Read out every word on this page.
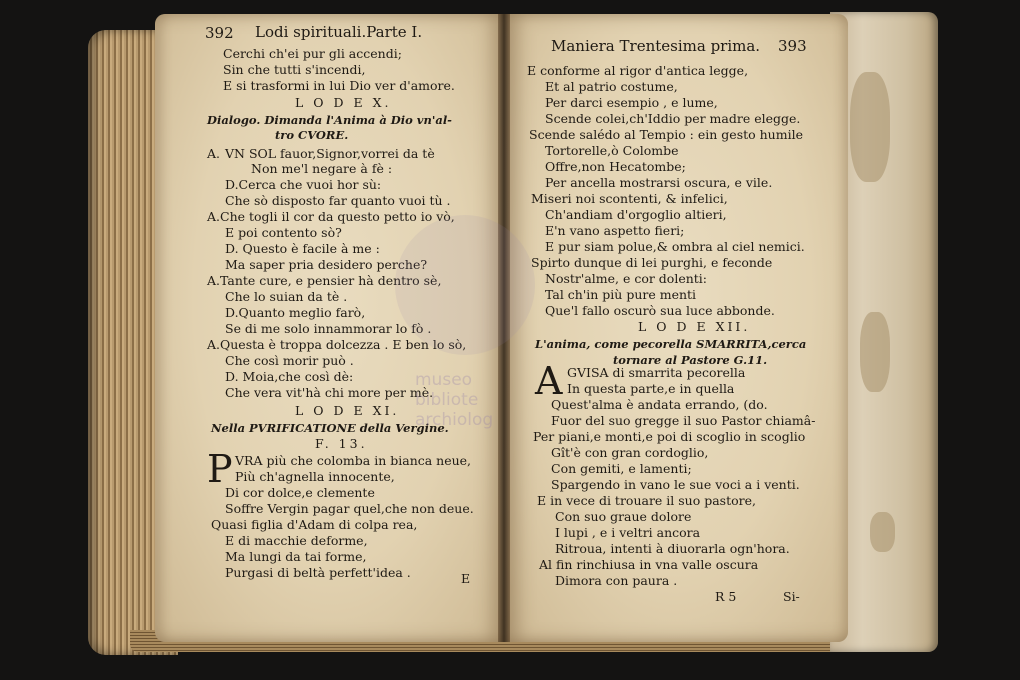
392 Lodi spirituali.Parte I.
Cerchi ch'ei pur gli accendi;
Sin che tutti s'incendi,
E si trasformi in lui Dio ver d'amore.
L O D E X.
Dialogo. Dimanda l'Anima à Dio vn'al-
tro CVORE.
A. VN SOL fauor,Signor,vorrei da tè
Non me'l negare à fè :
D.Cerca che vuoi hor sù:
Che sò disposto far quanto vuoi tù .
A.Che togli il cor da questo petto io vò,
E poi contento sò?
D. Questo è facile à me :
Ma saper pria desidero perche?
A.Tante cure, e pensier hà dentro sè,
Che lo suian da tè .
D.Quanto meglio farò,
Se di me solo innammorar lo fò .
A.Questa è troppa dolcezza . E ben lo sò,
Che così morir può .
D. Moia,che così dè:
Che vera vit'hà chi more per mè.
L O D E XI.
Nella PVRIFICATIONE della Vergine.
F. 13.
P VRA più che colomba in bianca neue,
Più ch'agnella innocente,
Di cor dolce,e clemente
Soffre Vergin pagar quel,che non deue.
Quasi figlia d'Adam di colpa rea,
E di macchie deforme,
Ma lungi da tai forme,
Purgasi di beltà perfett'idea .	E
Maniera Trentesima prima. 393
E conforme al rigor d'antica legge,
Et al patrio costume,
Per darci esempio , e lume,
Scende colei,ch'Iddio per madre elegge.
Scende salédo al Tempio : ein gesto humile
Tortorelle,ò Colombe
Offre,non Hecatombe;
Per ancella mostrarsi oscura, e vile.
Miseri noi scontenti, & infelici,
Ch'andiam d'orgoglio altieri,
E'n vano aspetto fieri;
E pur siam polue,& ombra al ciel nemici.
Spirto dunque di lei purghi, e feconde
Nostr'alme, e cor dolenti:
Tal ch'in più pure menti
Que'l fallo oscurò sua luce abbonde.
L O D E XII.
L'anima, come pecorella SMARRITA,cerca
tornare al Pastore G.11.
A GVISA di smarrita pecorella
In questa parte,e in quella
Quest'alma è andata errando, (do.
Fuor del suo gregge il suo Pastor chiamâ-
Per piani,e monti,e poi di scoglio in scoglio
Gît'è con gran cordoglio,
Con gemiti, e lamenti;
Spargendo in vano le sue voci a i venti.
E in vece di trouare il suo pastore,
Con suo graue dolore
I lupi , e i veltri ancora
Ritroua, intenti à diuorarla ogn'hora.
Al fin rinchiusa in vna valle oscura
Dimora con paura .
R 5	Si-
museo
bibliote
archiolog
